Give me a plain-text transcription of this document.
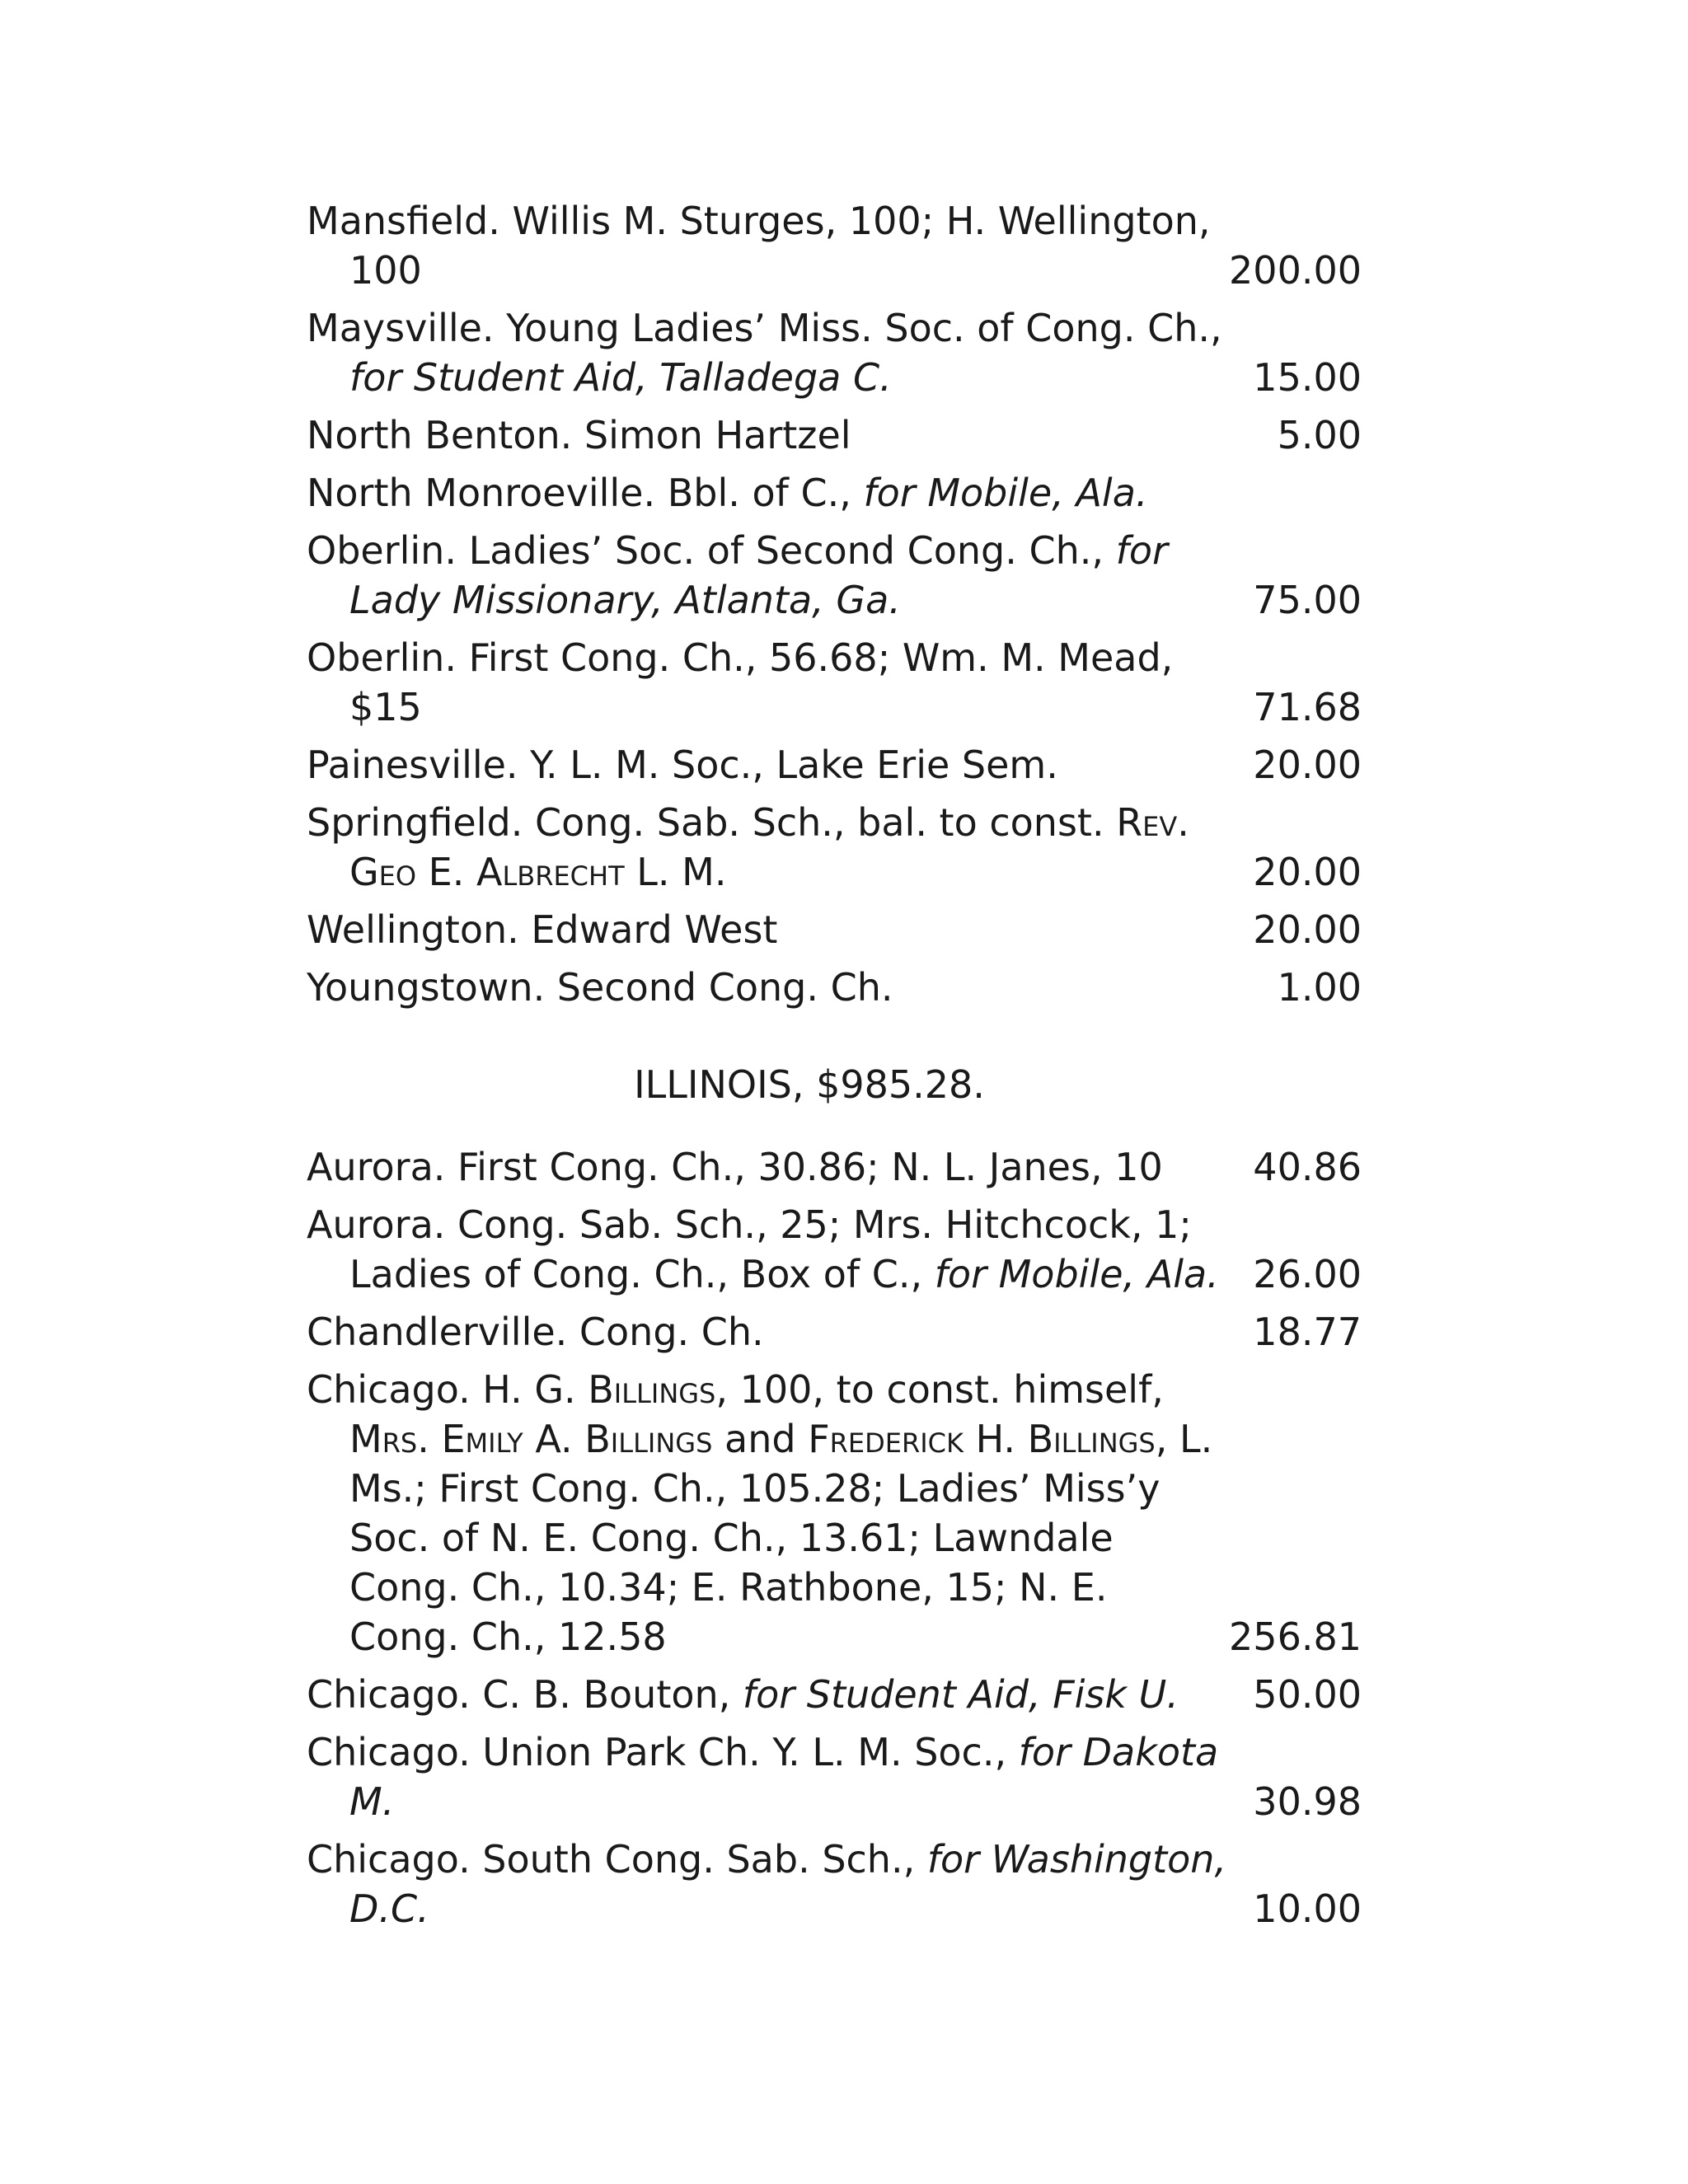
Mansfield. Willis M. Sturges, 100; H. Wellington, 100	200.00
Maysville. Young Ladies’ Miss. Soc. of Cong. Ch., for Student Aid, Talladega C.	15.00
North Benton. Simon Hartzel	5.00
North Monroeville. Bbl. of C., for Mobile, Ala.
Oberlin. Ladies’ Soc. of Second Cong. Ch., for Lady Missionary, Atlanta, Ga.	75.00
Oberlin. First Cong. Ch., 56.68; Wm. M. Mead, $15	71.68
Painesville. Y. L. M. Soc., Lake Erie Sem.	20.00
Springfield. Cong. Sab. Sch., bal. to const. Rev. Geo E. Albrecht L. M.	20.00
Wellington. Edward West	20.00
Youngstown. Second Cong. Ch.	1.00
ILLINOIS, $985.28.
Aurora. First Cong. Ch., 30.86; N. L. Janes, 10	40.86
Aurora. Cong. Sab. Sch., 25; Mrs. Hitchcock, 1; Ladies of Cong. Ch., Box of C., for Mobile, Ala. 26.00
Chandlerville. Cong. Ch.	18.77
Chicago. H. G. Billings, 100, to const. himself, Mrs. Emily A. Billings and Frederick H. Billings, L. Ms.; First Cong. Ch., 105.28; Ladies’ Miss’y Soc. of N. E. Cong. Ch., 13.61; Lawndale Cong. Ch., 10.34; E. Rathbone, 15; N. E. Cong. Ch., 12.58	256.81
Chicago. C. B. Bouton, for Student Aid, Fisk U.	50.00
Chicago. Union Park Ch. Y. L. M. Soc., for Dakota M.	30.98
Chicago. South Cong. Sab. Sch., for Washington, D.C.	10.00
